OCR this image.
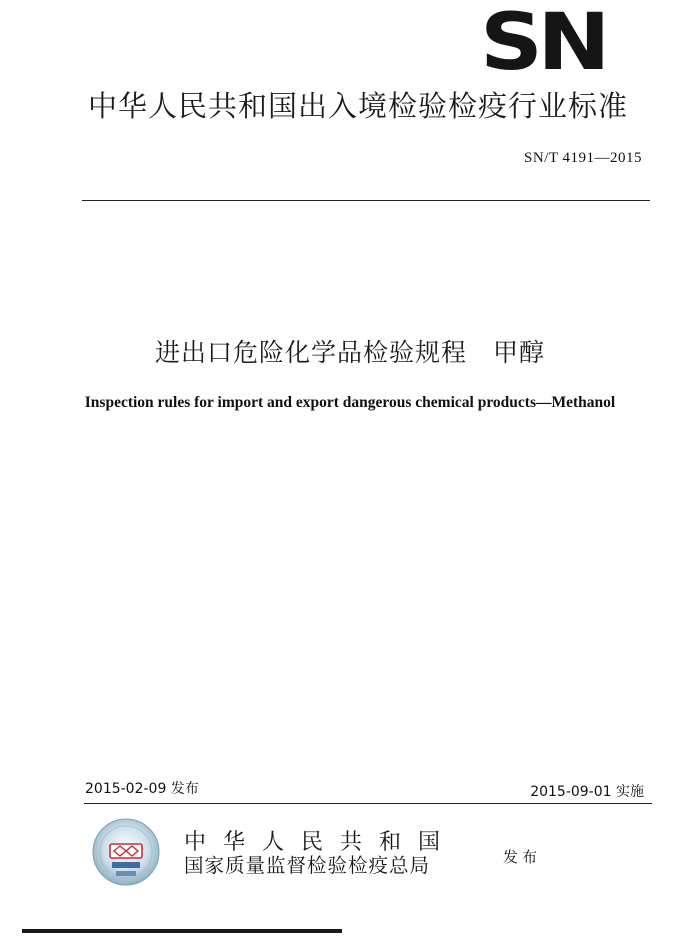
SN
中华人民共和国出入境检验检疫行业标准
SN/T 4191—2015
进出口危险化学品检验规程　甲醇
Inspection rules for import and export dangerous chemical products—Methanol
2015-02-09 发布	2015-09-01 实施
中华人民共和国
国家质量监督检验检疫总局	发布
